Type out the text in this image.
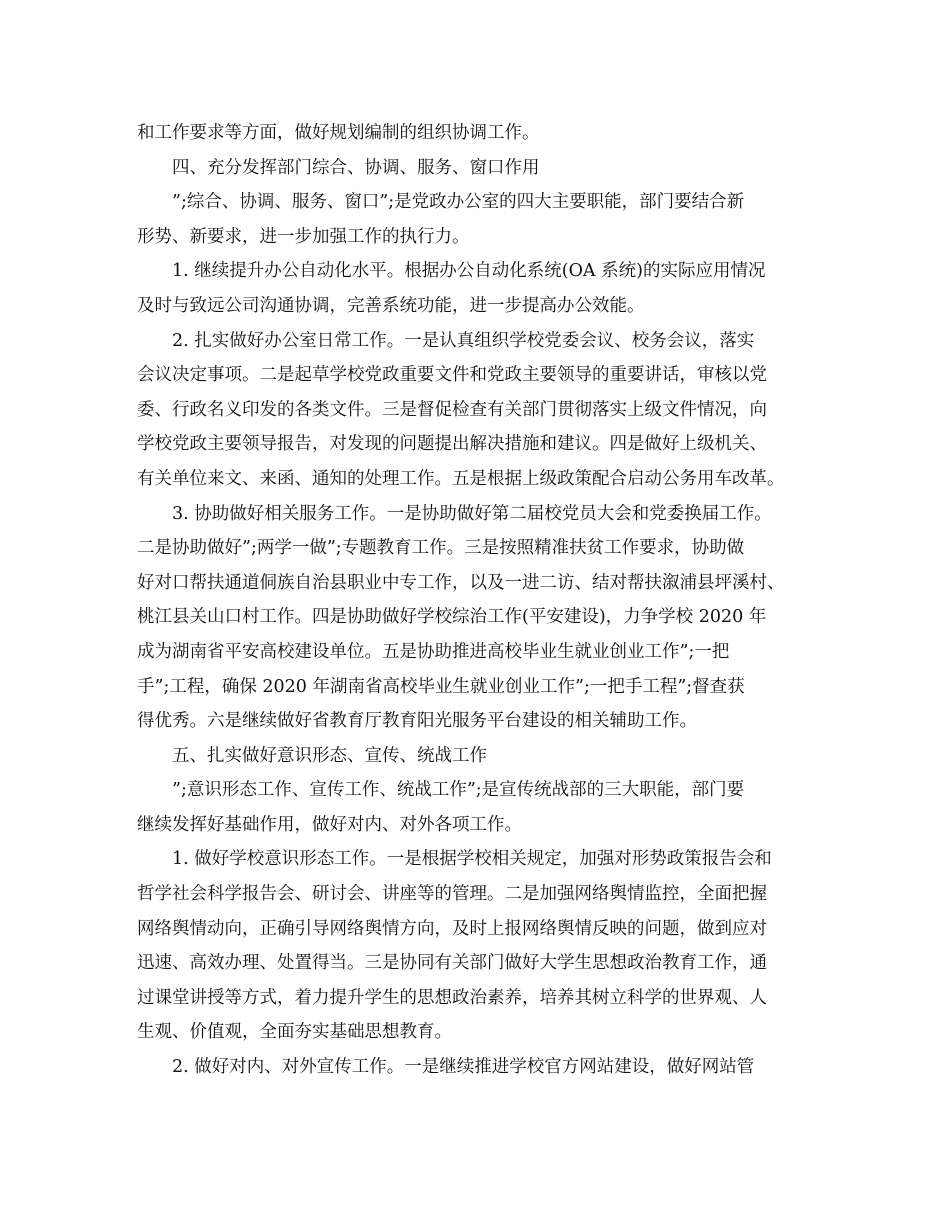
和工作要求等方面，做好规划编制的组织协调工作。
四、充分发挥部门综合、协调、服务、窗口作用
”;综合、协调、服务、窗口”;是党政办公室的四大主要职能，部门要结合新
形势、新要求，进一步加强工作的执行力。
1. 继续提升办公自动化水平。根据办公自动化系统(OA 系统)的实际应用情况
及时与致远公司沟通协调，完善系统功能，进一步提高办公效能。
2. 扎实做好办公室日常工作。一是认真组织学校党委会议、校务会议，落实
会议决定事项。二是起草学校党政重要文件和党政主要领导的重要讲话，审核以党
委、行政名义印发的各类文件。三是督促检查有关部门贯彻落实上级文件情况，向
学校党政主要领导报告，对发现的问题提出解决措施和建议。四是做好上级机关、
有关单位来文、来函、通知的处理工作。五是根据上级政策配合启动公务用车改革。
3. 协助做好相关服务工作。一是协助做好第二届校党员大会和党委换届工作。
二是协助做好”;两学一做”;专题教育工作。三是按照精准扶贫工作要求，协助做
好对口帮扶通道侗族自治县职业中专工作，以及一进二访、结对帮扶溆浦县坪溪村、
桃江县关山口村工作。四是协助做好学校综治工作(平安建设)，力争学校 2020 年
成为湖南省平安高校建设单位。五是协助推进高校毕业生就业创业工作”;一把
手”;工程，确保 2020 年湖南省高校毕业生就业创业工作”;一把手工程”;督查获
得优秀。六是继续做好省教育厅教育阳光服务平台建设的相关辅助工作。
五、扎实做好意识形态、宣传、统战工作
”;意识形态工作、宣传工作、统战工作”;是宣传统战部的三大职能，部门要
继续发挥好基础作用，做好对内、对外各项工作。
1. 做好学校意识形态工作。一是根据学校相关规定，加强对形势政策报告会和
哲学社会科学报告会、研讨会、讲座等的管理。二是加强网络舆情监控，全面把握
网络舆情动向，正确引导网络舆情方向，及时上报网络舆情反映的问题，做到应对
迅速、高效办理、处置得当。三是协同有关部门做好大学生思想政治教育工作，通
过课堂讲授等方式，着力提升学生的思想政治素养，培养其树立科学的世界观、人
生观、价值观，全面夯实基础思想教育。
2. 做好对内、对外宣传工作。一是继续推进学校官方网站建设，做好网站管
